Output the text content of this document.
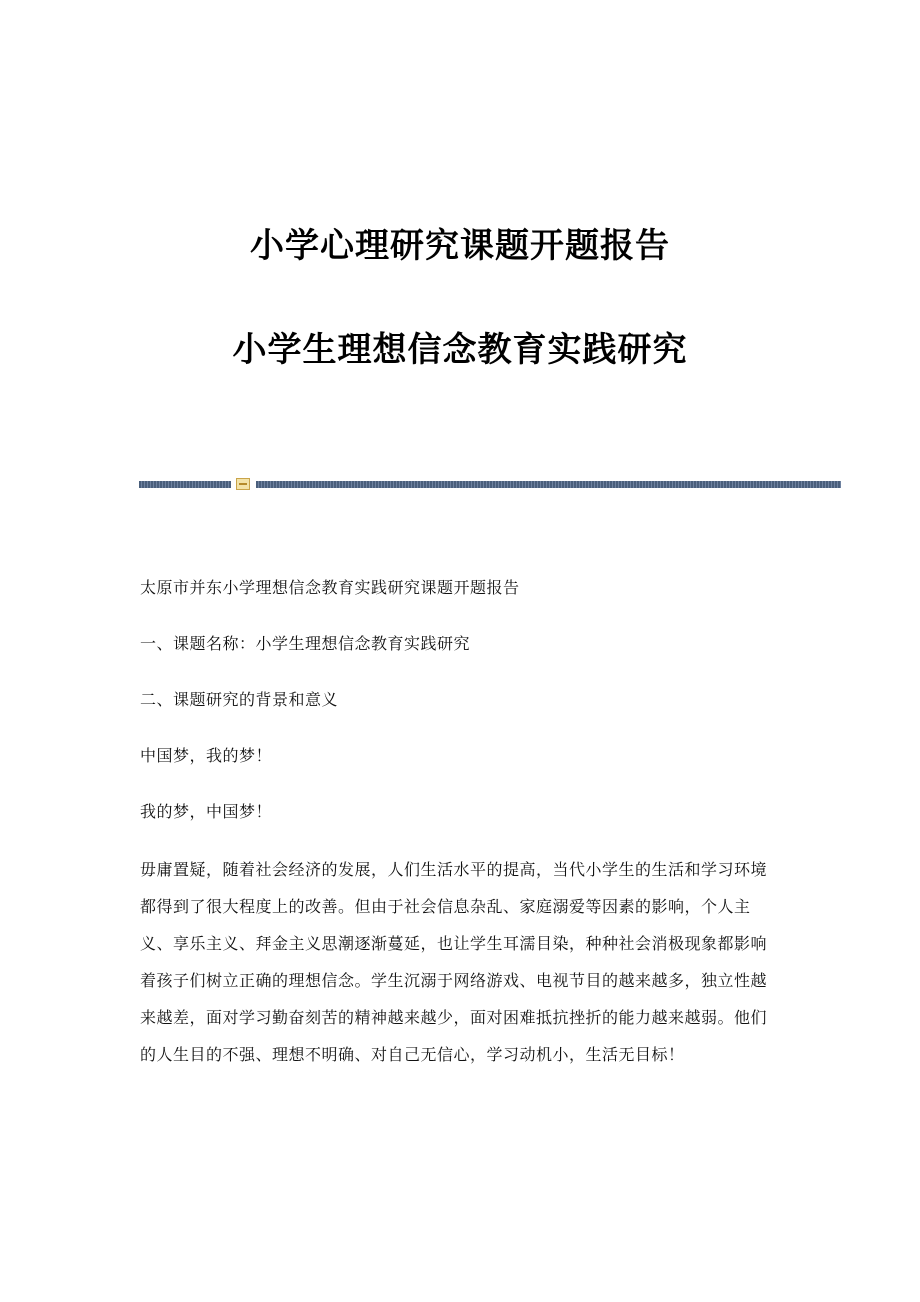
小学心理研究课题开题报告
小学生理想信念教育实践研究
太原市并东小学理想信念教育实践研究课题开题报告
一、课题名称：小学生理想信念教育实践研究
二、课题研究的背景和意义
中国梦，我的梦！
我的梦，中国梦！

毋庸置疑，随着社会经济的发展，人们生活水平的提高，当代小学生的生活和学习环境都得到了很大程度上的改善。但由于社会信息杂乱、家庭溺爱等因素的影响，个人主义、享乐主义、拜金主义思潮逐渐蔓延，也让学生耳濡目染，种种社会消极现象都影响着孩子们树立正确的理想信念。学生沉溺于网络游戏、电视节目的越来越多，独立性越来越差，面对学习勤奋刻苦的精神越来越少，面对困难抵抗挫折的能力越来越弱。他们的人生目的不强、理想不明确、对自己无信心，学习动机小，生活无目标！
